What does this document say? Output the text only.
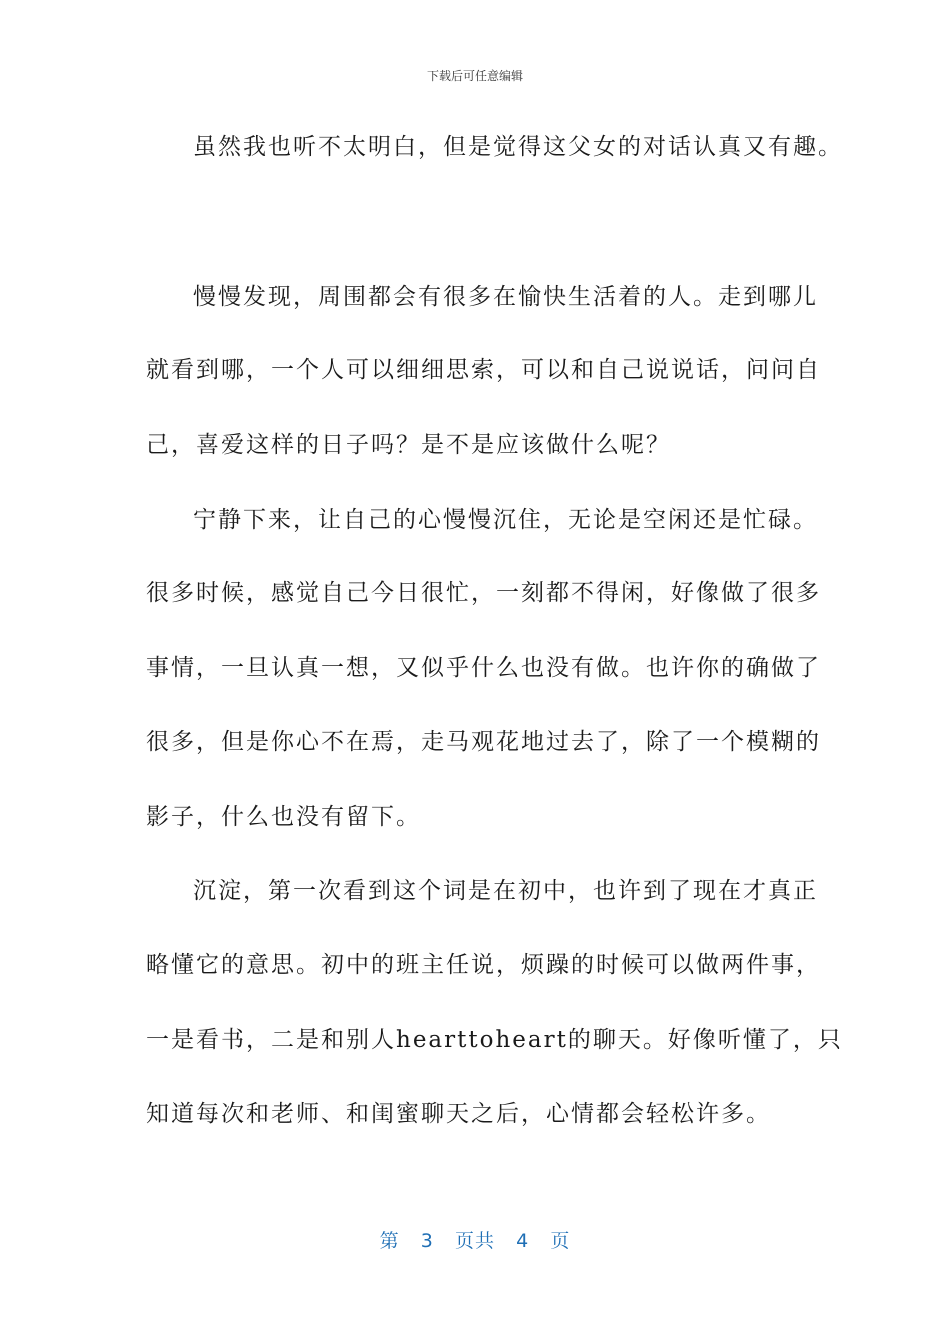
下载后可任意编辑
虽然我也听不太明白，但是觉得这父女的对话认真又有趣。
慢慢发现，周围都会有很多在愉快生活着的人。走到哪儿
就看到哪，一个人可以细细思索，可以和自己说说话，问问自
己，喜爱这样的日子吗？是不是应该做什么呢？
宁静下来，让自己的心慢慢沉住，无论是空闲还是忙碌。
很多时候，感觉自己今日很忙，一刻都不得闲，好像做了很多
事情，一旦认真一想，又似乎什么也没有做。也许你的确做了
很多，但是你心不在焉，走马观花地过去了，除了一个模糊的
影子，什么也没有留下。
沉淀，第一次看到这个词是在初中，也许到了现在才真正
略懂它的意思。初中的班主任说，烦躁的时候可以做两件事，
一是看书，二是和别人hearttoheart的聊天。好像听懂了，只
知道每次和老师、和闺蜜聊天之后，心情都会轻松许多。
第 3 页共 4 页
